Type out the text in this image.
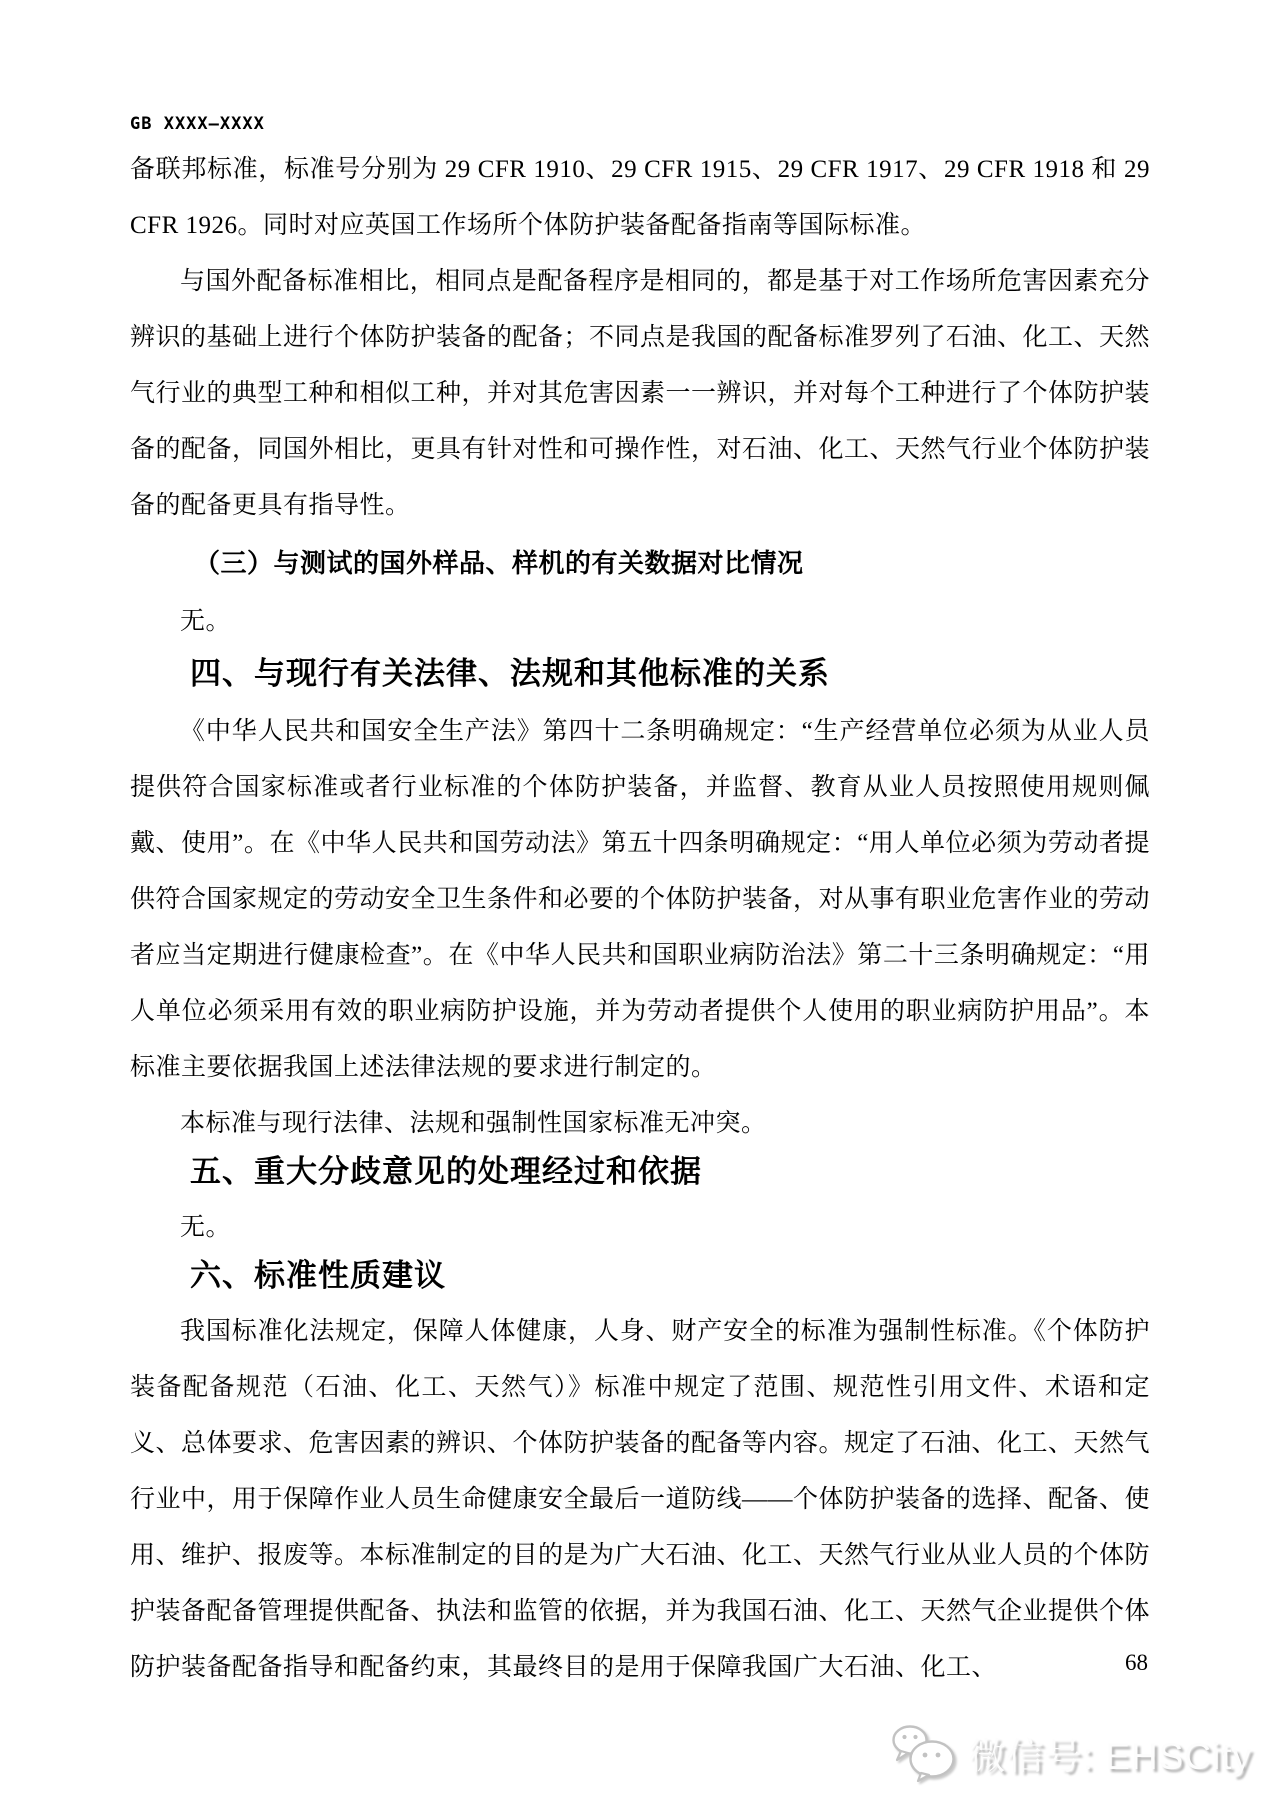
GB XXXX—XXXX
备联邦标准，标准号分别为 29 CFR 1910、29 CFR 1915、29 CFR 1917、29 CFR 1918 和 29 CFR 1926。同时对应英国工作场所个体防护装备配备指南等国际标准。
与国外配备标准相比，相同点是配备程序是相同的，都是基于对工作场所危害因素充分辨识的基础上进行个体防护装备的配备；不同点是我国的配备标准罗列了石油、化工、天然气行业的典型工种和相似工种，并对其危害因素一一辨识，并对每个工种进行了个体防护装备的配备，同国外相比，更具有针对性和可操作性，对石油、化工、天然气行业个体防护装备的配备更具有指导性。
（三）与测试的国外样品、样机的有关数据对比情况
无。
四、与现行有关法律、法规和其他标准的关系
《中华人民共和国安全生产法》第四十二条明确规定：“生产经营单位必须为从业人员提供符合国家标准或者行业标准的个体防护装备，并监督、教育从业人员按照使用规则佩戴、使用”。在《中华人民共和国劳动法》第五十四条明确规定：“用人单位必须为劳动者提供符合国家规定的劳动安全卫生条件和必要的个体防护装备，对从事有职业危害作业的劳动者应当定期进行健康检查”。在《中华人民共和国职业病防治法》第二十三条明确规定：“用人单位必须采用有效的职业病防护设施，并为劳动者提供个人使用的职业病防护用品”。本标准主要依据我国上述法律法规的要求进行制定的。
本标准与现行法律、法规和强制性国家标准无冲突。
五、重大分歧意见的处理经过和依据
无。
六、标准性质建议
我国标准化法规定，保障人体健康，人身、财产安全的标准为强制性标准。《个体防护装备配备规范（石油、化工、天然气）》标准中规定了范围、规范性引用文件、术语和定义、总体要求、危害因素的辨识、个体防护装备的配备等内容。规定了石油、化工、天然气行业中，用于保障作业人员生命健康安全最后一道防线——个体防护装备的选择、配备、使用、维护、报废等。本标准制定的目的是为广大石油、化工、天然气行业从业人员的个体防护装备配备管理提供配备、执法和监管的依据，并为我国石油、化工、天然气企业提供个体防护装备配备指导和配备约束，其最终目的是用于保障我国广大石油、化工、	68
微信号: EHSCity
